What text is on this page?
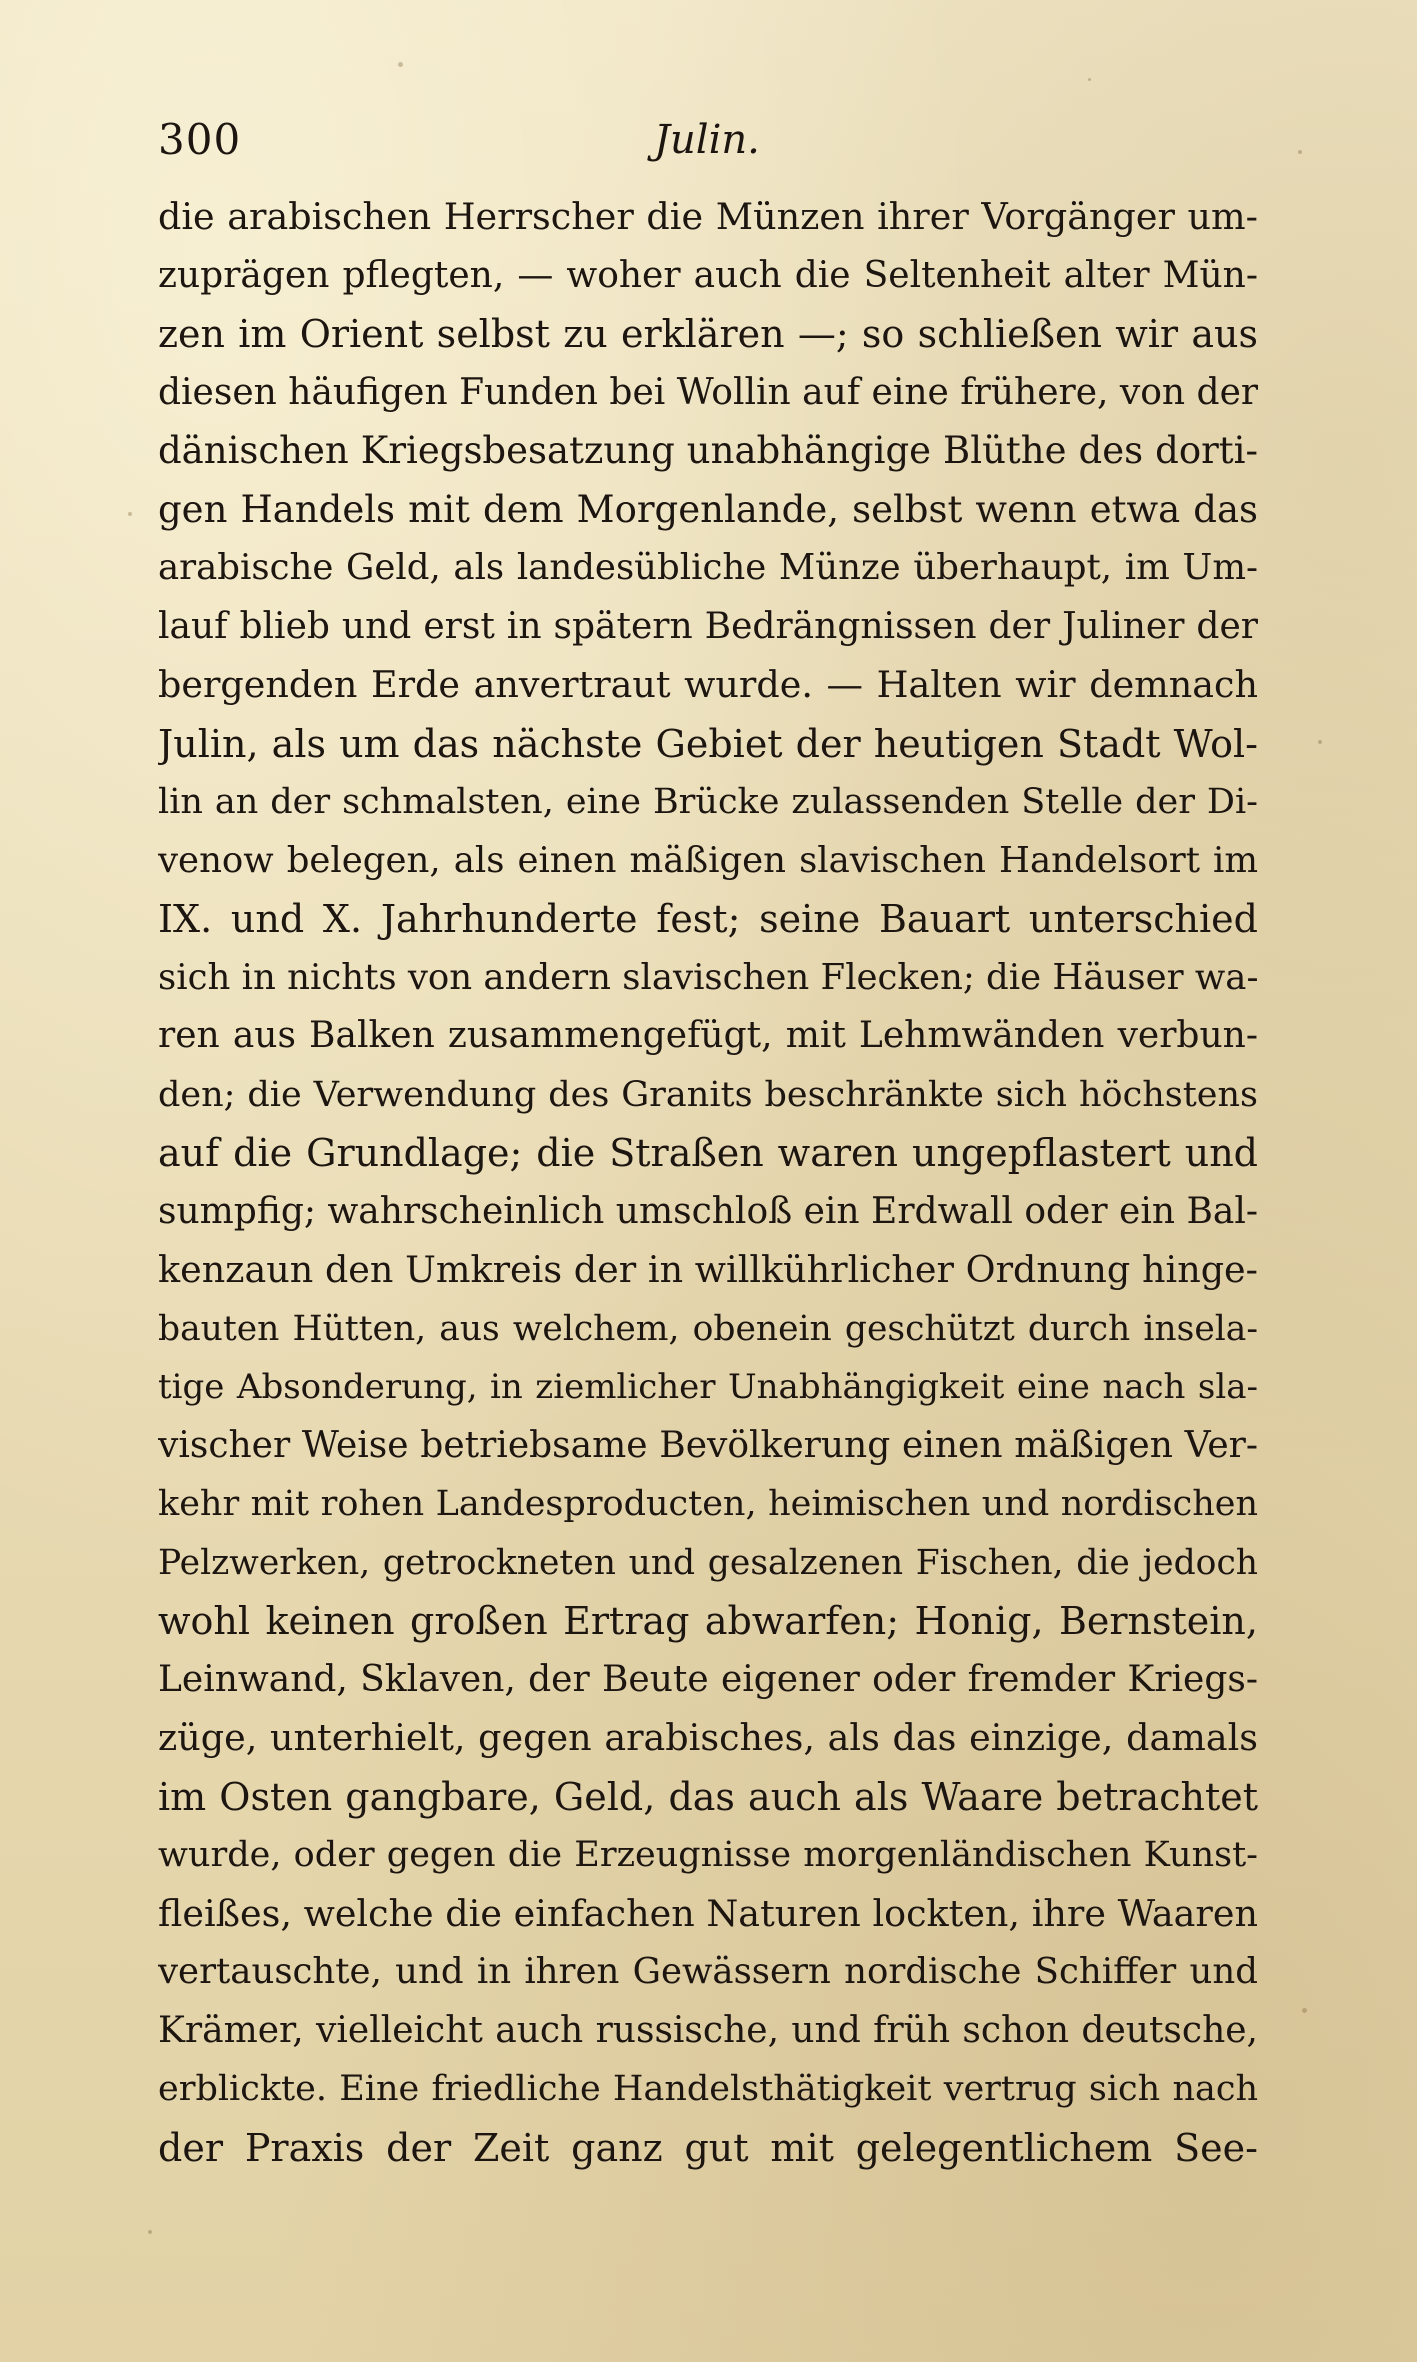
300	Julin.
die arabischen Herrscher die Münzen ihrer Vorgänger um-
zuprägen pflegten, — woher auch die Seltenheit alter Mün-
zen im Orient selbst zu erklären —; so schließen wir aus
diesen häufigen Funden bei Wollin auf eine frühere, von der
dänischen Kriegsbesatzung unabhängige Blüthe des dorti-
gen Handels mit dem Morgenlande, selbst wenn etwa das
arabische Geld, als landesübliche Münze überhaupt, im Um-
lauf blieb und erst in spätern Bedrängnissen der Juliner der
bergenden Erde anvertraut wurde. — Halten wir demnach
Julin, als um das nächste Gebiet der heutigen Stadt Wol-
lin an der schmalsten, eine Brücke zulassenden Stelle der Di-
venow belegen, als einen mäßigen slavischen Handelsort im
IX. und X. Jahrhunderte fest; seine Bauart unterschied
sich in nichts von andern slavischen Flecken; die Häuser wa-
ren aus Balken zusammengefügt, mit Lehmwänden verbun-
den; die Verwendung des Granits beschränkte sich höchstens
auf die Grundlage; die Straßen waren ungepflastert und
sumpfig; wahrscheinlich umschloß ein Erdwall oder ein Bal-
kenzaun den Umkreis der in willkührlicher Ordnung hinge-
bauten Hütten, aus welchem, obenein geschützt durch insela-
tige Absonderung, in ziemlicher Unabhängigkeit eine nach sla-
vischer Weise betriebsame Bevölkerung einen mäßigen Ver-
kehr mit rohen Landesproducten, heimischen und nordischen
Pelzwerken, getrockneten und gesalzenen Fischen, die jedoch
wohl keinen großen Ertrag abwarfen; Honig, Bernstein,
Leinwand, Sklaven, der Beute eigener oder fremder Kriegs-
züge, unterhielt, gegen arabisches, als das einzige, damals
im Osten gangbare, Geld, das auch als Waare betrachtet
wurde, oder gegen die Erzeugnisse morgenländischen Kunst-
fleißes, welche die einfachen Naturen lockten, ihre Waaren
vertauschte, und in ihren Gewässern nordische Schiffer und
Krämer, vielleicht auch russische, und früh schon deutsche,
erblickte. Eine friedliche Handelsthätigkeit vertrug sich nach
der Praxis der Zeit ganz gut mit gelegentlichem See-
